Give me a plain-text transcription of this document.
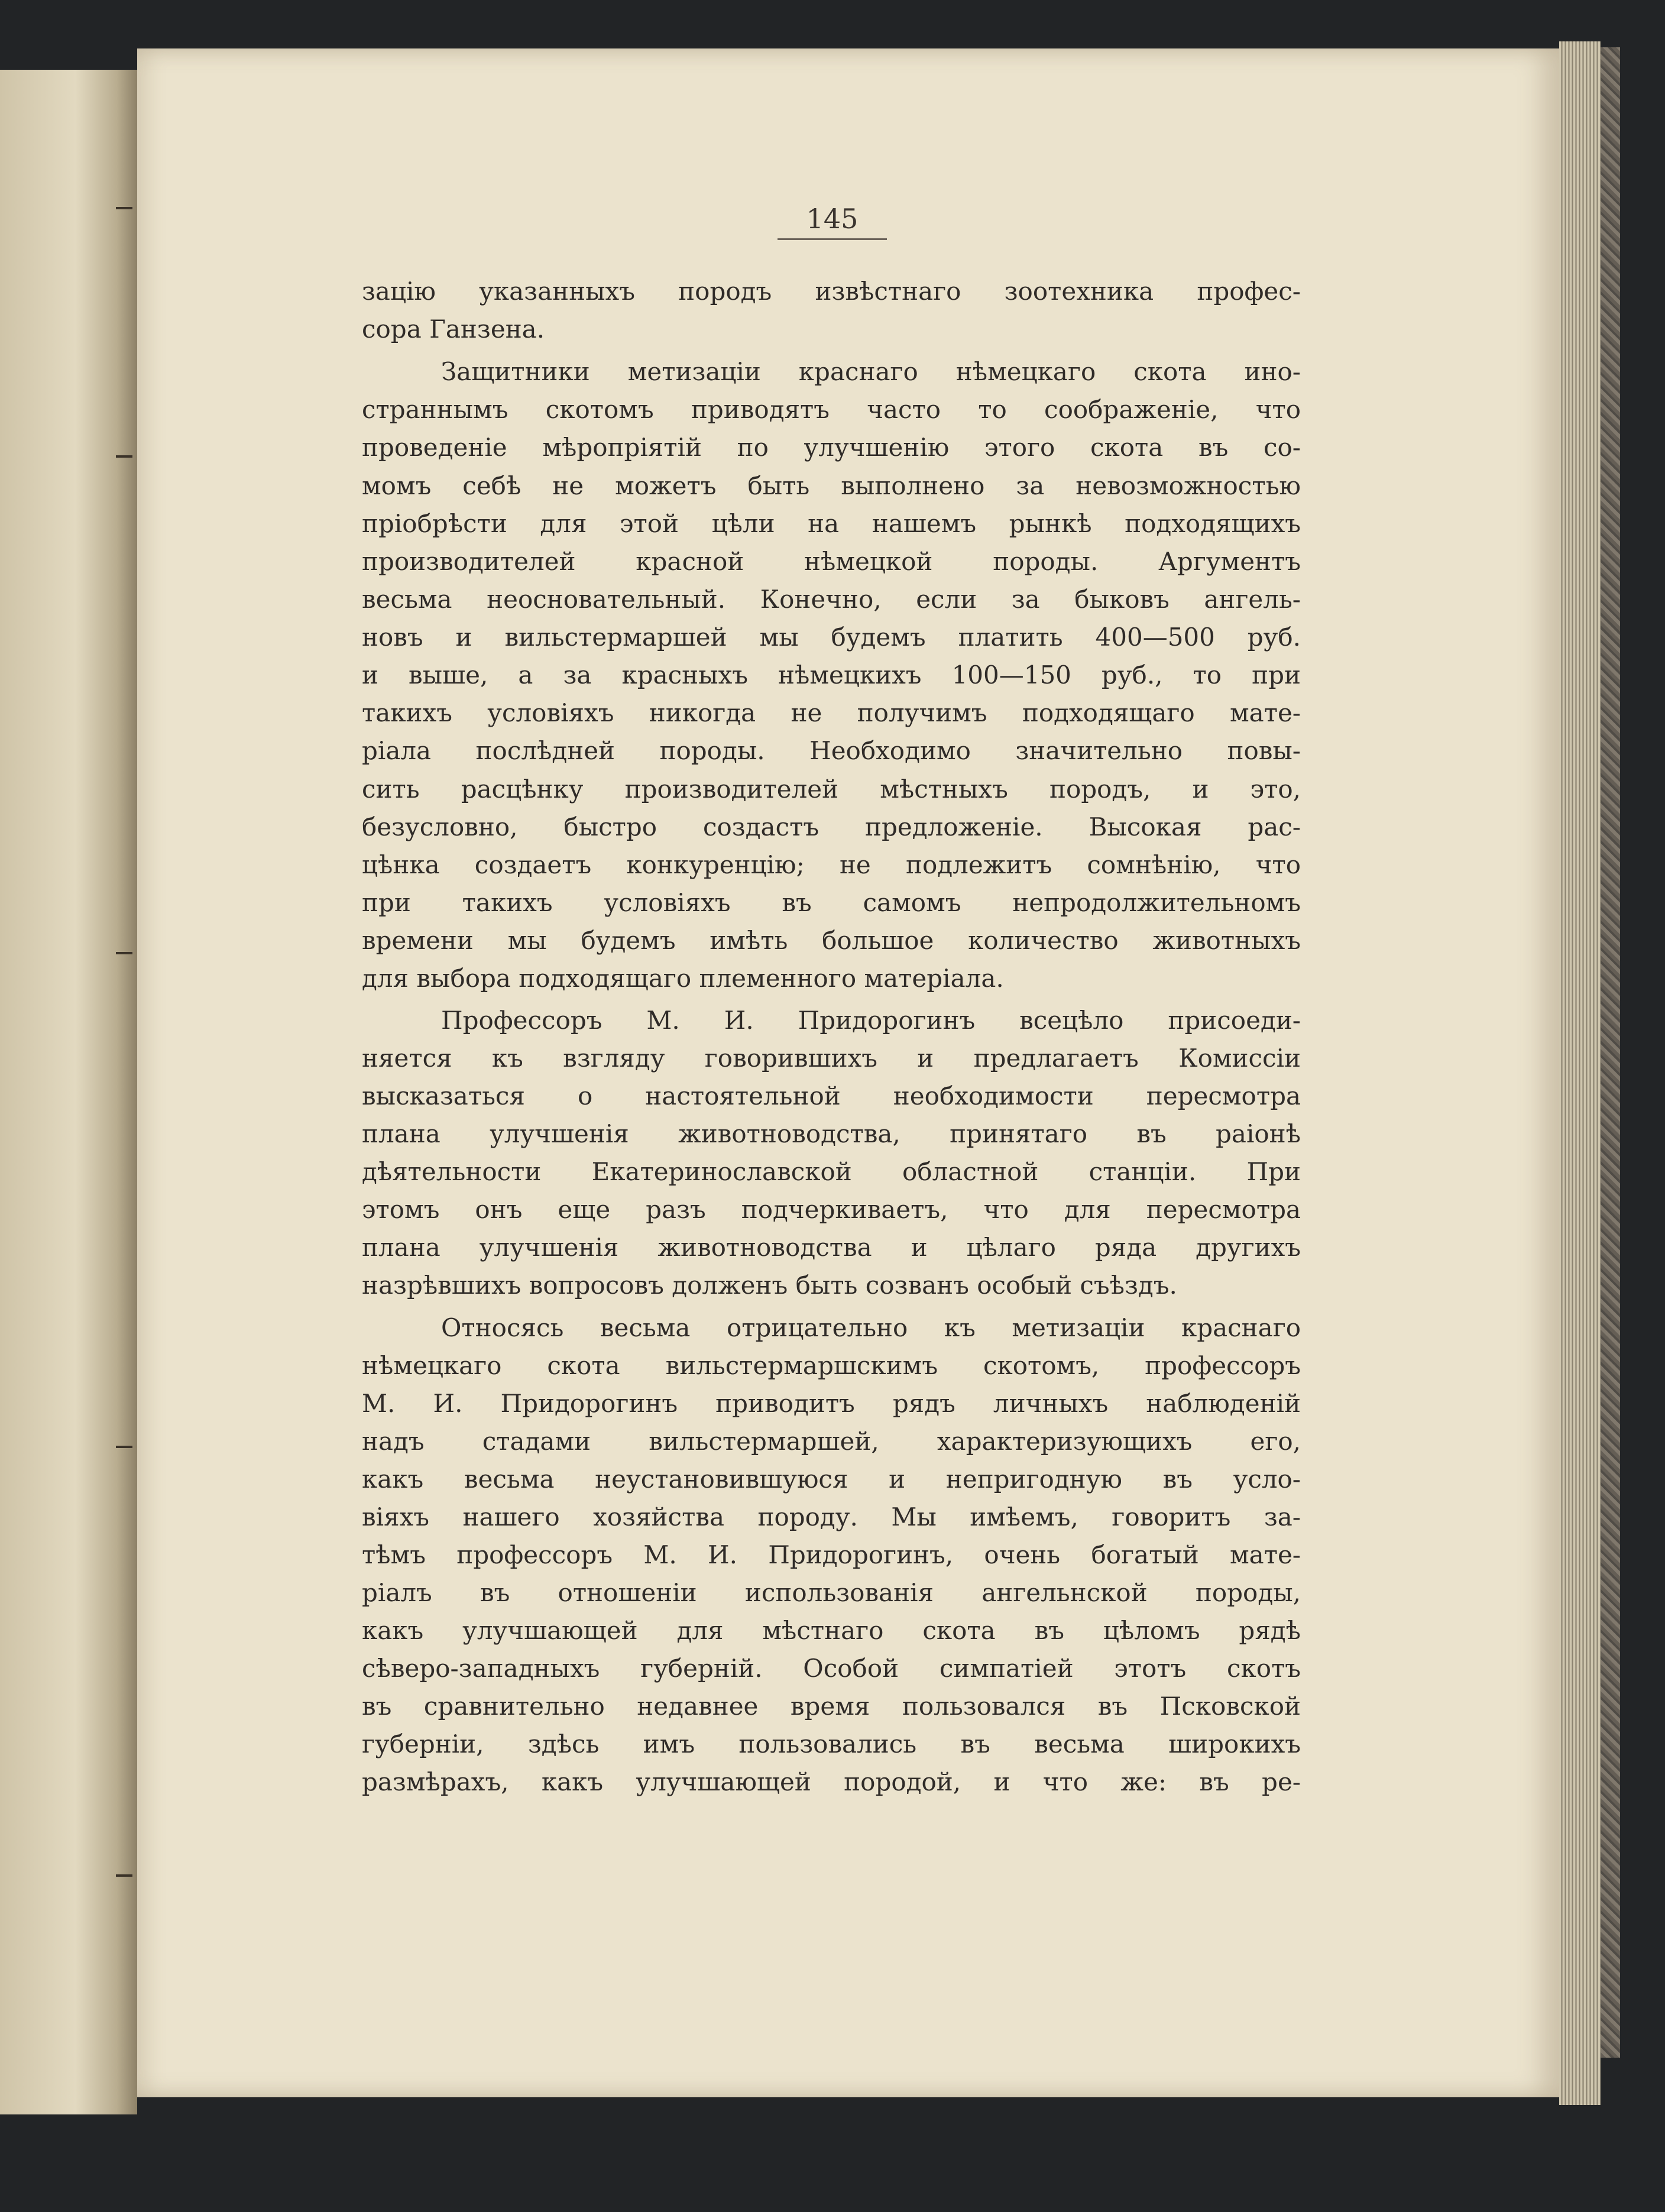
145
зацію указанныхъ породъ извѣстнаго зоотехника профес-
сора Ганзена.
Защитники метизаціи краснаго нѣмецкаго скота ино-
страннымъ скотомъ приводятъ часто то соображеніе, что
проведеніе мѣропріятій по улучшенію этого скота въ со-
момъ себѣ не можетъ быть выполнено за невозможностью
пріобрѣсти для этой цѣли на нашемъ рынкѣ подходящихъ
производителей красной нѣмецкой породы. Аргументъ
весьма неосновательный. Конечно, если за быковъ ангель-
новъ и вильстермаршей мы будемъ платить 400—500 руб.
и выше, а за красныхъ нѣмецкихъ 100—150 руб., то при
такихъ условіяхъ никогда не получимъ подходящаго мате-
ріала послѣдней породы. Необходимо значительно повы-
сить расцѣнку производителей мѣстныхъ породъ, и это,
безусловно, быстро создастъ предложеніе. Высокая рас-
цѣнка создаетъ конкуренцію; не подлежитъ сомнѣнію, что
при такихъ условіяхъ въ самомъ непродолжительномъ
времени мы будемъ имѣть большое количество животныхъ
для выбора подходящаго племенного матеріала.
Профессоръ М. И. Придорогинъ всецѣло присоеди-
няется къ взгляду говорившихъ и предлагаетъ Комиссіи
высказаться о настоятельной необходимости пересмотра
плана улучшенія животноводства, принятаго въ раіонѣ
дѣятельности Екатеринославской областной станціи. При
этомъ онъ еще разъ подчеркиваетъ, что для пересмотра
плана улучшенія животноводства и цѣлаго ряда другихъ
назрѣвшихъ вопросовъ долженъ быть созванъ особый съѣздъ.
Относясь весьма отрицательно къ метизаціи краснаго
нѣмецкаго скота вильстермаршскимъ скотомъ, профессоръ
М. И. Придорогинъ приводитъ рядъ личныхъ наблюденій
надъ стадами вильстермаршей, характеризующихъ его,
какъ весьма неустановившуюся и непригодную въ усло-
віяхъ нашего хозяйства породу. Мы имѣемъ, говоритъ за-
тѣмъ профессоръ М. И. Придорогинъ, очень богатый мате-
ріалъ въ отношеніи использованія ангельнской породы,
какъ улучшающей для мѣстнаго скота въ цѣломъ рядѣ
сѣверо-западныхъ губерній. Особой симпатіей этотъ скотъ
въ сравнительно недавнее время пользовался въ Псковской
губерніи, здѣсь имъ пользовались въ весьма широкихъ
размѣрахъ, какъ улучшающей породой, и что же: въ ре-
